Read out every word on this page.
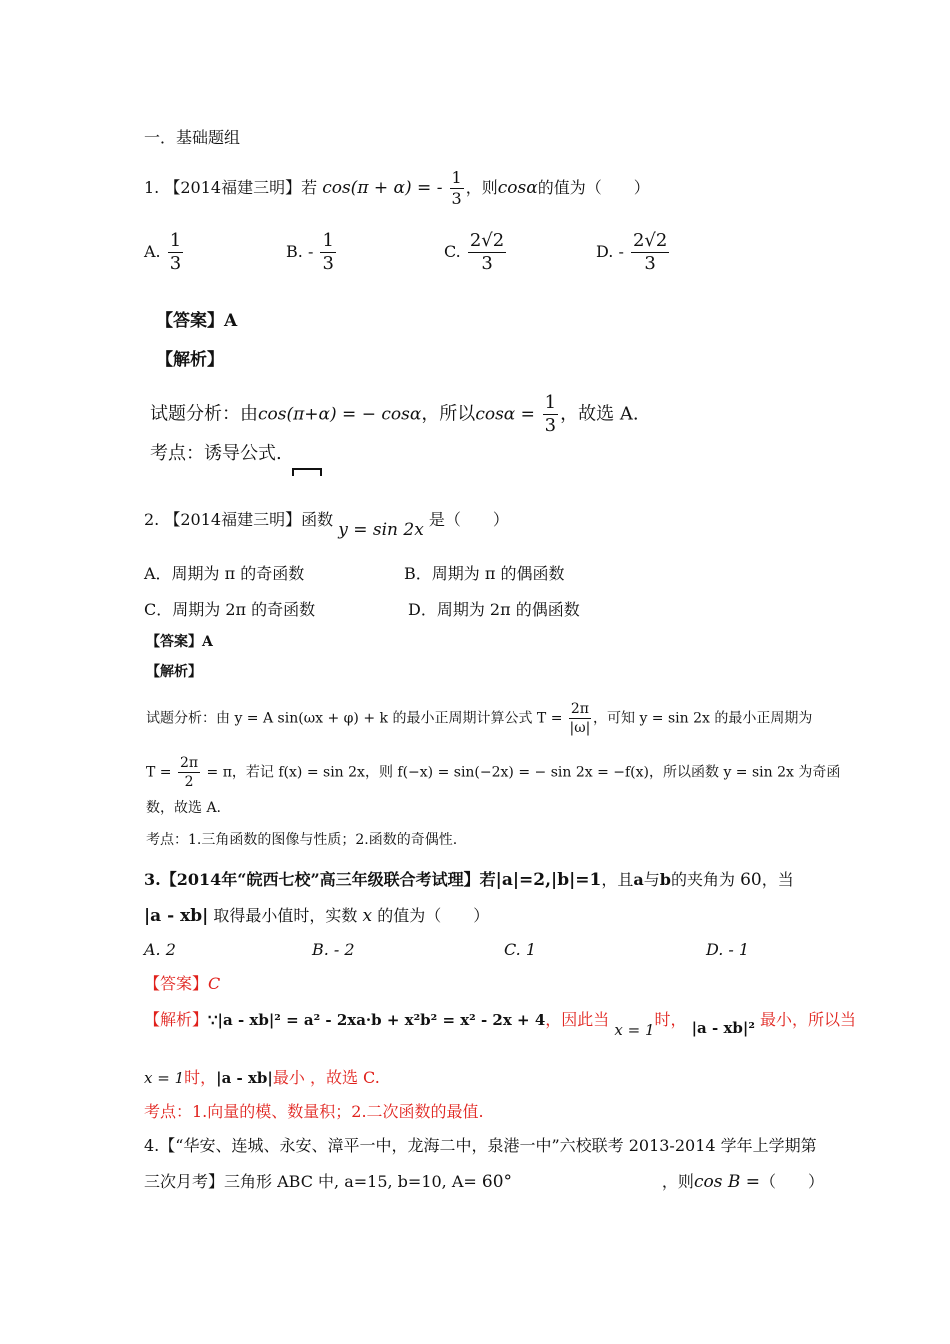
一．基础题组
1. 【2014福建三明】若 cos(π + α) = - $\frac{1}{3}$ ，则cosα的值为（　　）
A. $\frac{1}{3}$	B. - $\frac{1}{3}$	C. $\frac{2√2}{3}$	D. - $\frac{2√2}{3}$
【答案】A
【解析】
试题分析：由cos(π+α) = − cosα，所以$\cos\alpha = \frac{1}{3}$ ，故选 A.
考点：诱导公式.
2. 【2014福建三明】函数 y = sin 2x 是（　　）
A．周期为 π 的奇函数	B．周期为 π 的偶函数
C．周期为 2π 的奇函数	D．周期为 2π 的偶函数
【答案】A
【解析】
试题分析：由 y = A sin(ωx + φ) + k 的最小正周期计算公式 $T = \frac{2\pi}{|\omega|}$ ，可知 y = sin 2x 的最小正周期为
$T = \frac{2\pi}{2} = \pi$，若记 f(x) = sin 2x，则 f(−x) = sin(−2x) = − sin 2x = −f(x)，所以函数 y = sin 2x 为奇函
数，故选 A.
考点：1.三角函数的图像与性质；2.函数的奇偶性.
3.【2014年“皖西七校”高三年级联合考试理】若|a|=2,|b|=1，且a与b的夹角为 60，当
|a - xb| 取得最小值时，实数 x 的值为（　　）
A. 2	B. - 2	C. 1	D. - 1
【答案】C
【解析】∵|a - xb|² = a² - 2xa·b + x²b² = x² - 2x + 4，因此当 x = 1时， |a - xb|² 最小，所以当
x = 1时，|a - xb|最小 ，故选 C.
考点：1.向量的模、数量积；2.二次函数的最值.
4.【“华安、连城、永安、漳平一中，龙海二中，泉港一中”六校联考 2013-2014 学年上学期第
三次月考】三角形 ABC 中, a=15, b=10, A= 60°	，则cos B =（　　）
